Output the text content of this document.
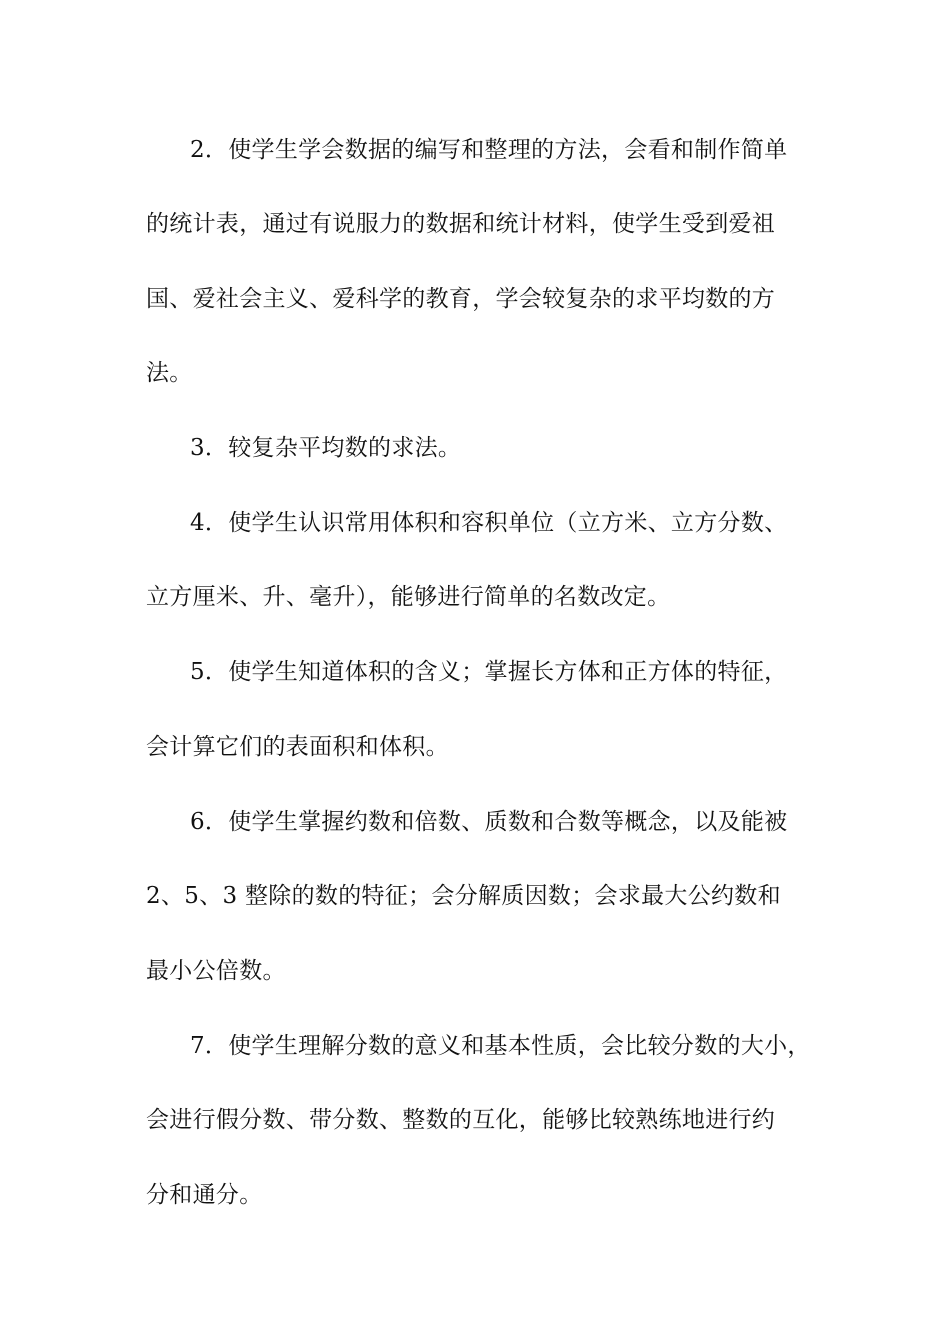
2．使学生学会数据的编写和整理的方法，会看和制作简单
的统计表，通过有说服力的数据和统计材料，使学生受到爱祖
国、爱社会主义、爱科学的教育，学会较复杂的求平均数的方
法。
3．较复杂平均数的求法。
4．使学生认识常用体积和容积单位（立方米、立方分数、
立方厘米、升、毫升），能够进行简单的名数改定。
5．使学生知道体积的含义；掌握长方体和正方体的特征，
会计算它们的表面积和体积。
6．使学生掌握约数和倍数、质数和合数等概念，以及能被
2、5、3 整除的数的特征；会分解质因数；会求最大公约数和
最小公倍数。
7．使学生理解分数的意义和基本性质，会比较分数的大小，
会进行假分数、带分数、整数的互化，能够比较熟练地进行约
分和通分。
